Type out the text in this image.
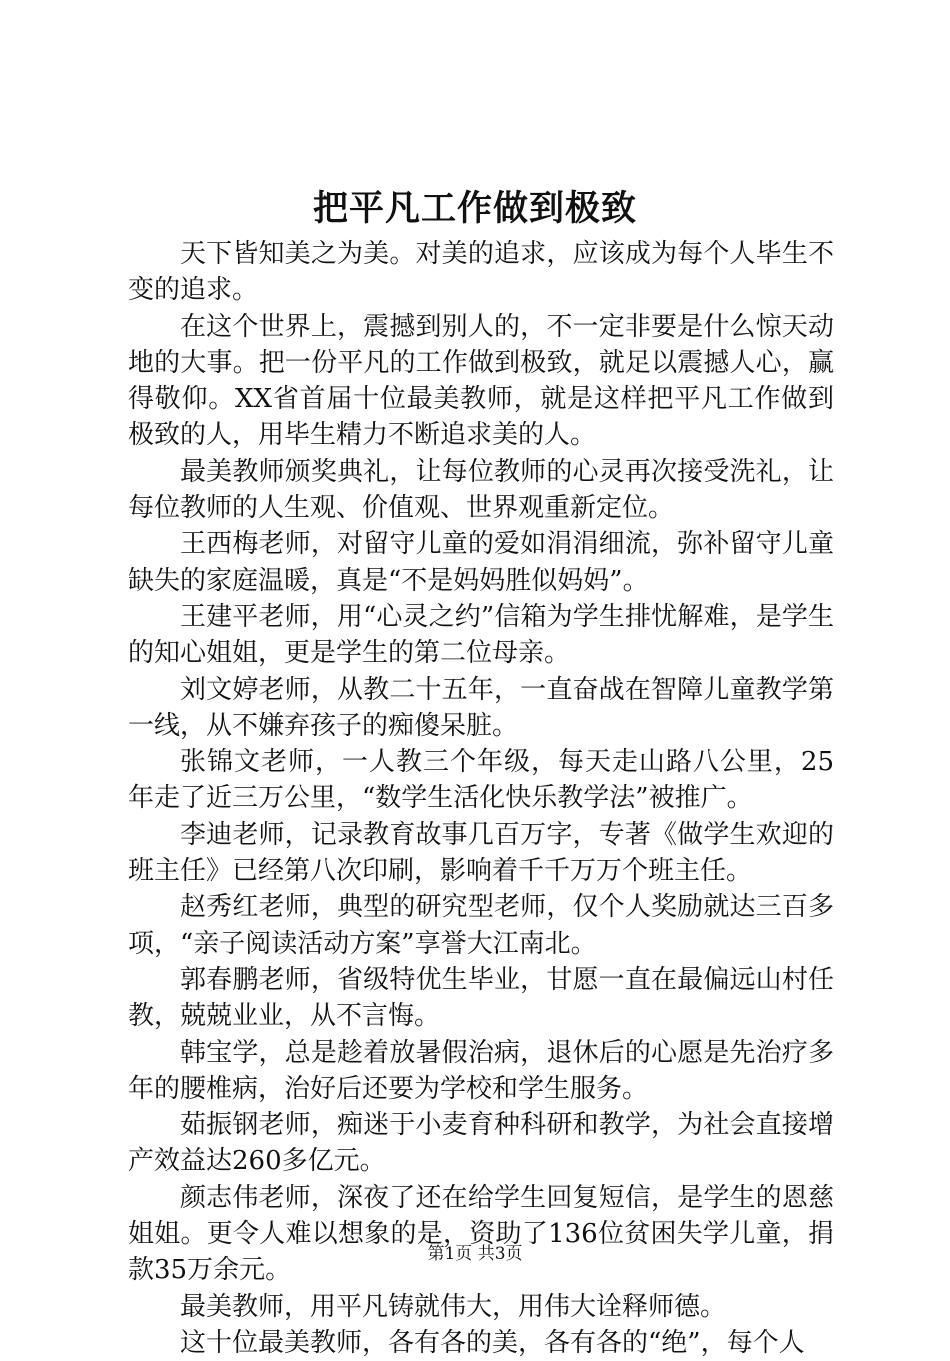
把平凡工作做到极致

天下皆知美之为美。对美的追求，应该成为每个人毕生不变的追求。

在这个世界上，震撼到别人的，不一定非要是什么惊天动地的大事。把一份平凡的工作做到极致，就足以震撼人心，赢得敬仰。XX省首届十位最美教师，就是这样把平凡工作做到极致的人，用毕生精力不断追求美的人。

最美教师颁奖典礼，让每位教师的心灵再次接受洗礼，让每位教师的人生观、价值观、世界观重新定位。

王西梅老师，对留守儿童的爱如涓涓细流，弥补留守儿童缺失的家庭温暖，真是“不是妈妈胜似妈妈”。

王建平老师，用“心灵之约”信箱为学生排忧解难，是学生的知心姐姐，更是学生的第二位母亲。

刘文婷老师，从教二十五年，一直奋战在智障儿童教学第一线，从不嫌弃孩子的痴傻呆脏。

张锦文老师，一人教三个年级，每天走山路八公里，25年走了近三万公里，“数学生活化快乐教学法”被推广。

李迪老师，记录教育故事几百万字，专著《做学生欢迎的班主任》已经第八次印刷，影响着千千万万个班主任。

赵秀红老师，典型的研究型老师，仅个人奖励就达三百多项，“亲子阅读活动方案”享誉大江南北。

郭春鹏老师，省级特优生毕业，甘愿一直在最偏远山村任教，兢兢业业，从不言悔。

韩宝学，总是趁着放暑假治病，退休后的心愿是先治疗多年的腰椎病，治好后还要为学校和学生服务。

茹振钢老师，痴迷于小麦育种科研和教学，为社会直接增产效益达260多亿元。

颜志伟老师，深夜了还在给学生回复短信，是学生的恩慈姐姐。更令人难以想象的是，资助了136位贫困失学儿童，捐款35万余元。

最美教师，用平凡铸就伟大，用伟大诠释师德。

这十位最美教师，各有各的美，各有各的“绝”，每个人

第1页 共3页
